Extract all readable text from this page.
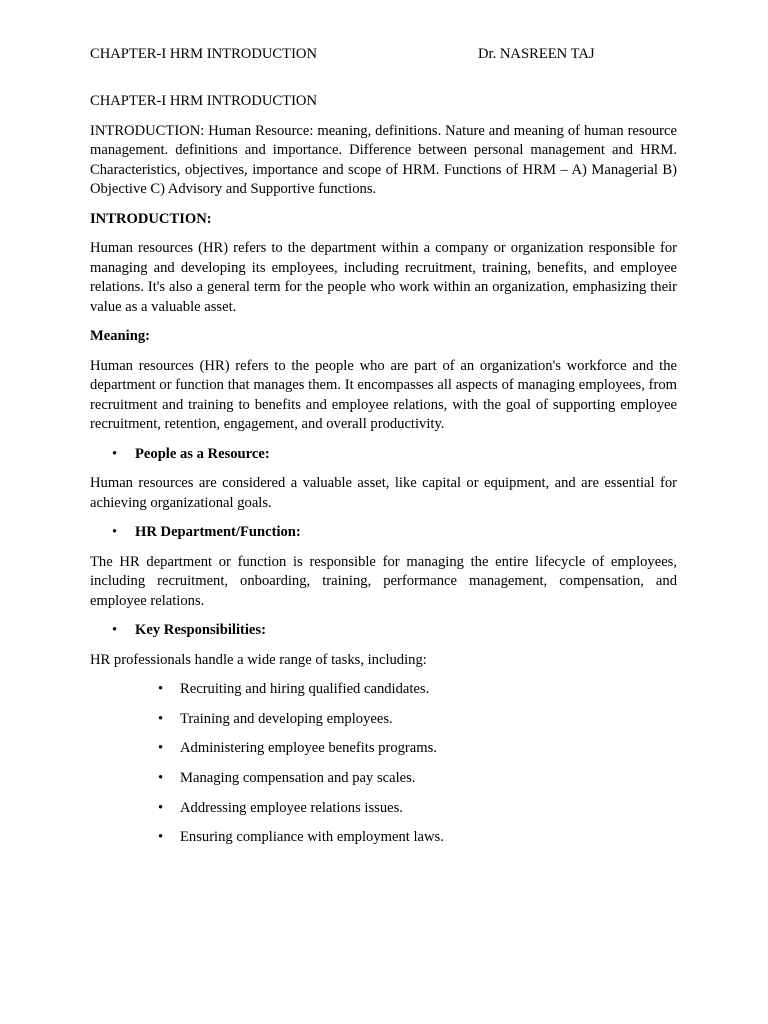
CHAPTER-I HRM INTRODUCTION	Dr. NASREEN TAJ
CHAPTER-I HRM INTRODUCTION

INTRODUCTION: Human Resource: meaning, definitions. Nature and meaning of human resource management. definitions and importance. Difference between personal management and HRM. Characteristics, objectives, importance and scope of HRM. Functions of HRM – A) Managerial B) Objective C) Advisory and Supportive functions.

INTRODUCTION:

Human resources (HR) refers to the department within a company or organization responsible for managing and developing its employees, including recruitment, training, benefits, and employee relations. It's also a general term for the people who work within an organization, emphasizing their value as a valuable asset.

Meaning:

Human resources (HR) refers to the people who are part of an organization's workforce and the department or function that manages them. It encompasses all aspects of managing employees, from recruitment and training to benefits and employee relations, with the goal of supporting employee recruitment, retention, engagement, and overall productivity.

• People as a Resource:

Human resources are considered a valuable asset, like capital or equipment, and are essential for achieving organizational goals.

• HR Department/Function:

The HR department or function is responsible for managing the entire lifecycle of employees, including recruitment, onboarding, training, performance management, compensation, and employee relations.

• Key Responsibilities:

HR professionals handle a wide range of tasks, including:

• Recruiting and hiring qualified candidates.
• Training and developing employees.
• Administering employee benefits programs.
• Managing compensation and pay scales.
• Addressing employee relations issues.
• Ensuring compliance with employment laws.
